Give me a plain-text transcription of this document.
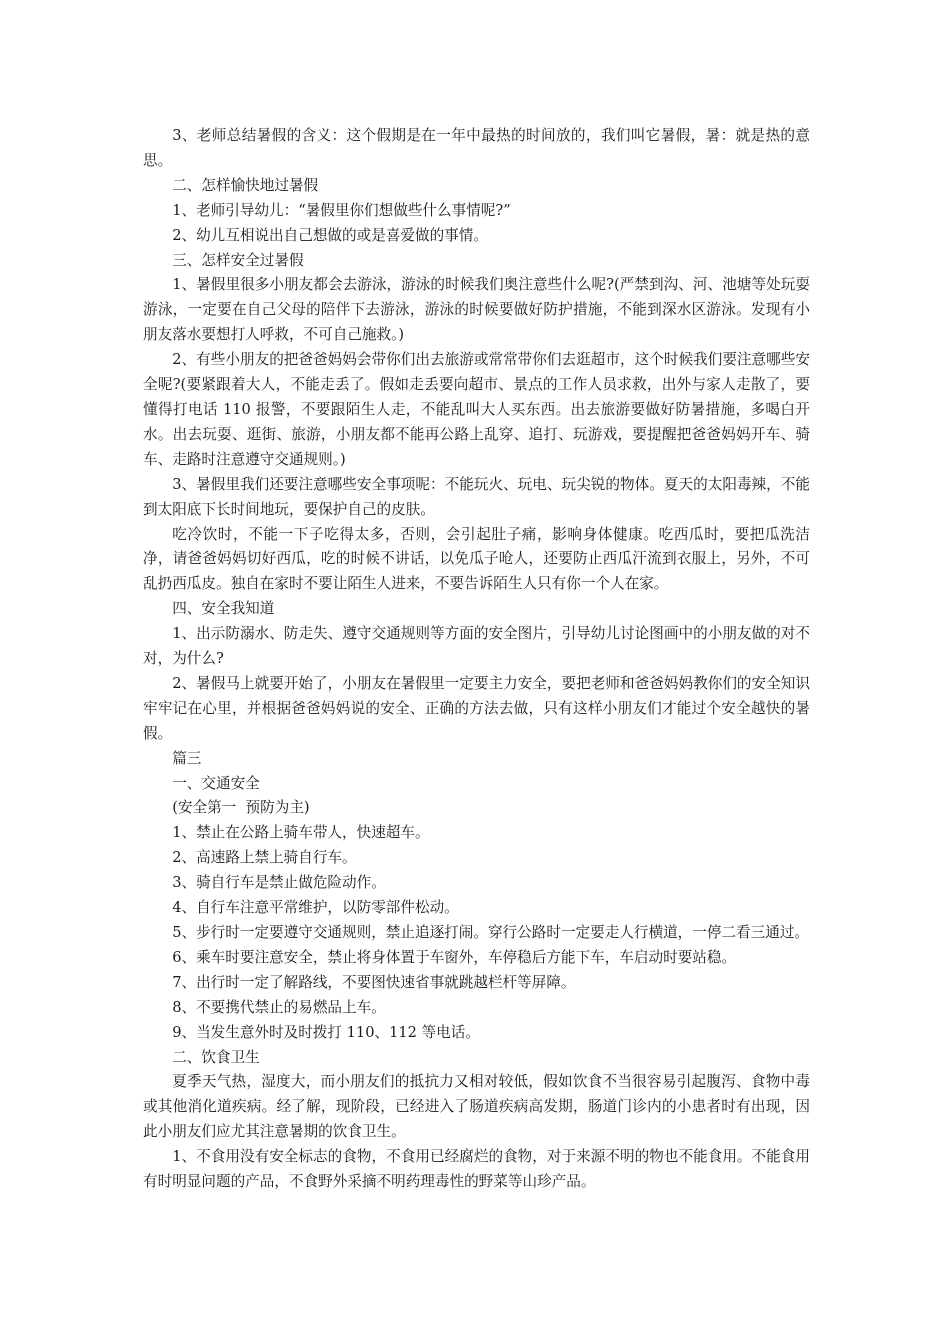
3、老师总结暑假的含义：这个假期是在一年中最热的时间放的，我们叫它暑假，暑：就是热的意思。

二、怎样愉快地过暑假

1、老师引导幼儿：“暑假里你们想做些什么事情呢?”

2、幼儿互相说出自己想做的或是喜爱做的事情。

三、怎样安全过暑假

1、暑假里很多小朋友都会去游泳，游泳的时候我们奥注意些什么呢?(严禁到沟、河、池塘等处玩耍游泳，一定要在自己父母的陪伴下去游泳，游泳的时候要做好防护措施，不能到深水区游泳。发现有小朋友落水要想打人呼救，不可自己施救。)

2、有些小朋友的把爸爸妈妈会带你们出去旅游或常常带你们去逛超市，这个时候我们要注意哪些安全呢?(要紧跟着大人，不能走丢了。假如走丢要向超市、景点的工作人员求救，出外与家人走散了，要懂得打电话 110 报警，不要跟陌生人走，不能乱叫大人买东西。出去旅游要做好防暑措施，多喝白开水。出去玩耍、逛街、旅游，小朋友都不能再公路上乱穿、追打、玩游戏，要提醒把爸爸妈妈开车、骑车、走路时注意遵守交通规则。)

3、暑假里我们还要注意哪些安全事项呢：不能玩火、玩电、玩尖锐的物体。夏天的太阳毒辣，不能到太阳底下长时间地玩，要保护自己的皮肤。

吃冷饮时，不能一下子吃得太多，否则，会引起肚子痛，影响身体健康。吃西瓜时，要把瓜洗洁净，请爸爸妈妈切好西瓜，吃的时候不讲话，以免瓜子呛人，还要防止西瓜汗流到衣服上，另外，不可乱扔西瓜皮。独自在家时不要让陌生人进来，不要告诉陌生人只有你一个人在家。

四、安全我知道

1、出示防溺水、防走失、遵守交通规则等方面的安全图片，引导幼儿讨论图画中的小朋友做的对不对，为什么?

2、暑假马上就要开始了，小朋友在暑假里一定要主力安全，要把老师和爸爸妈妈教你们的安全知识牢牢记在心里，并根据爸爸妈妈说的安全、正确的方法去做，只有这样小朋友们才能过个安全越快的暑假。

篇三

一、交通安全

(安全第一  预防为主)

1、禁止在公路上骑车带人，快速超车。

2、高速路上禁上骑自行车。

3、骑自行车是禁止做危险动作。

4、自行车注意平常维护，以防零部件松动。

5、步行时一定要遵守交通规则，禁止追逐打闹。穿行公路时一定要走人行横道，一停二看三通过。

6、乘车时要注意安全，禁止将身体置于车窗外，车停稳后方能下车，车启动时要站稳。

7、出行时一定了解路线，不要图快速省事就跳越栏杆等屏障。

8、不要携代禁止的易燃品上车。

9、当发生意外时及时拨打 110、112 等电话。

二、饮食卫生

夏季天气热，湿度大，而小朋友们的抵抗力又相对较低，假如饮食不当很容易引起腹泻、食物中毒或其他消化道疾病。经了解，现阶段，已经进入了肠道疾病高发期，肠道门诊内的小患者时有出现，因此小朋友们应尤其注意暑期的饮食卫生。

1、不食用没有安全标志的食物，不食用已经腐烂的食物，对于来源不明的物也不能食用。不能食用有时明显问题的产品，不食野外采摘不明药理毒性的野菜等山珍产品。
